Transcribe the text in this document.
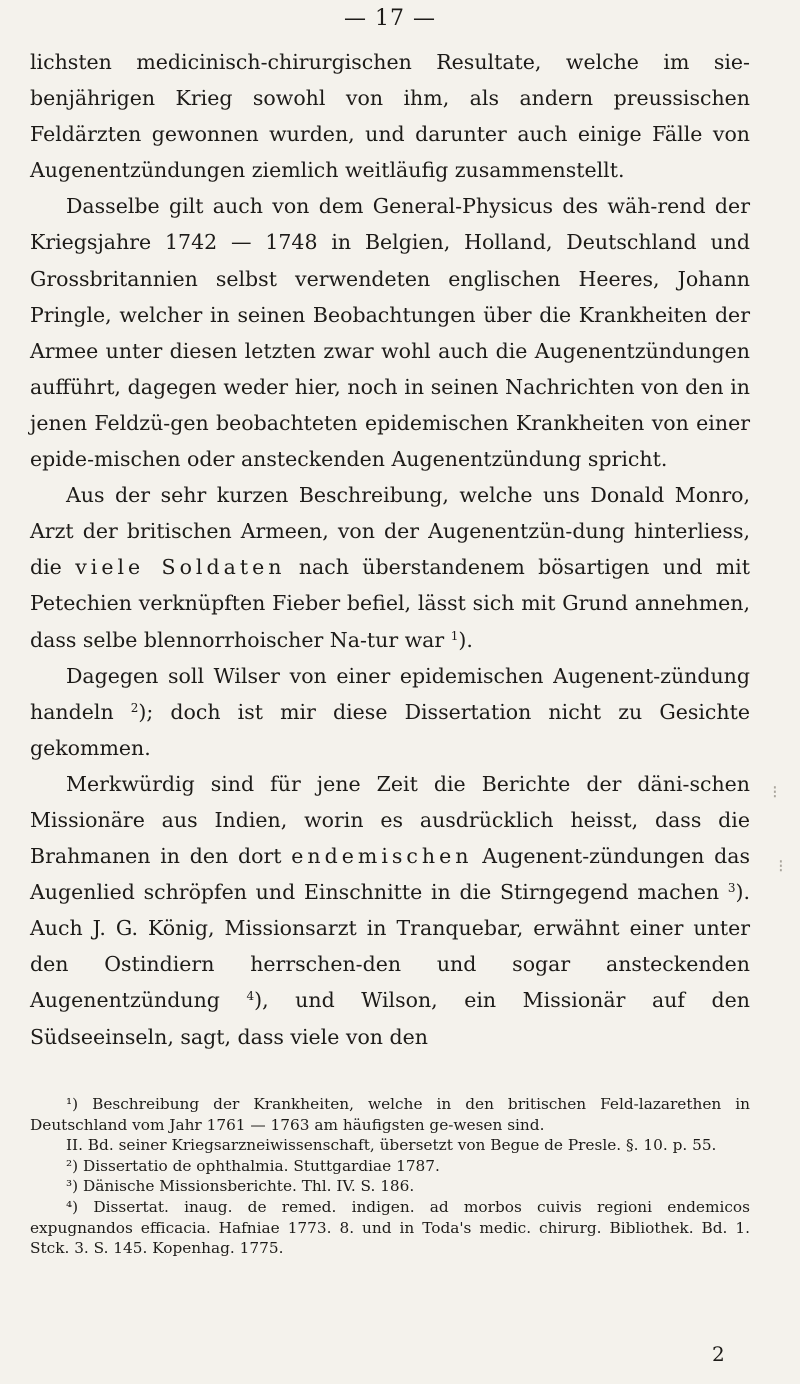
— 17 —

lichsten medicinisch-chirurgischen Resultate, welche im sie-benjährigen Krieg sowohl von ihm, als andern preussischen Feldärzten gewonnen wurden, und darunter auch einige Fälle von Augenentzündungen ziemlich weitläufig zusammenstellt.

Dasselbe gilt auch von dem General-Physicus des wäh-rend der Kriegsjahre 1742 — 1748 in Belgien, Holland, Deutschland und Grossbritannien selbst verwendeten englischen Heeres, Johann Pringle, welcher in seinen Beobachtungen über die Krankheiten der Armee unter diesen letzten zwar wohl auch die Augenentzündungen aufführt, dagegen weder hier, noch in seinen Nachrichten von den in jenen Feldzü-gen beobachteten epidemischen Krankheiten von einer epide-mischen oder ansteckenden Augenentzündung spricht.

Aus der sehr kurzen Beschreibung, welche uns Donald Monro, Arzt der britischen Armeen, von der Augenentzün-dung hinterliess, die viele Soldaten nach überstandenem bösartigen und mit Petechien verknüpften Fieber befiel, lässt sich mit Grund annehmen, dass selbe blennorrhoischer Na-tur war $^1$).

Dagegen soll Wilser von einer epidemischen Augenent-zündung handeln $^2$); doch ist mir diese Dissertation nicht zu Gesichte gekommen.

Merkwürdig sind für jene Zeit die Berichte der däni-schen Missionäre aus Indien, worin es ausdrücklich heisst, dass die Brahmanen in den dort endemischen Augenent-zündungen das Augenlied schröpfen und Einschnitte in die Stirngegend machen $^3$). Auch J. G. König, Missionsarzt in Tranquebar, erwähnt einer unter den Ostindiern herrschen-den und sogar ansteckenden Augenentzündung $^4$), und Wilson, ein Missionär auf den Südseeinseln, sagt, dass viele von den

¹) Beschreibung der Krankheiten, welche in den britischen Feld-lazarethen in Deutschland vom Jahr 1761 — 1763 am häufigsten ge-wesen sind.

II. Bd. seiner Kriegsarzneiwissenschaft, übersetzt von Begue de Presle. §. 10. p. 55.

²) Dissertatio de ophthalmia. Stuttgardiae 1787.

³) Dänische Missionsberichte. Thl. IV. S. 186.

⁴) Dissertat. inaug. de remed. indigen. ad morbos cuivis regioni endemicos expugnandos efficacia. Hafniae 1773. 8. und in Toda's medic. chirurg. Bibliothek. Bd. 1. Stck. 3. S. 145. Kopenhag. 1775.

2
⁝
⁝
